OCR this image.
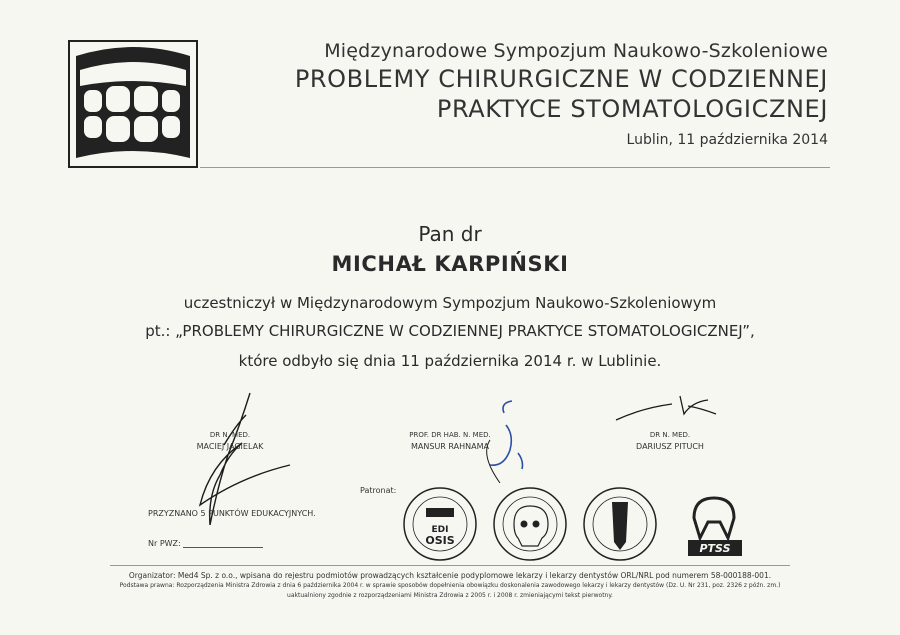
Międzynarodowe Sympozjum Naukowo-Szkoleniowe
PROBLEMY CHIRURGICZNE W CODZIENNEJ
PRAKTYCE STOMATOLOGICZNEJ
Lublin, 11 października 2014
Pan dr
MICHAŁ KARPIŃSKI
uczestniczył w Międzynarodowym Sympozjum Naukowo-Szkoleniowym
pt.: „PROBLEMY CHIRURGICZNE W CODZIENNEJ PRAKTYCE STOMATOLOGICZNEJ”,
które odbyło się dnia 11 października 2014 r. w Lublinie.
DR N. MED.
MACIEJ JAGIELAK
PROF. DR HAB. N. MED.
MANSUR RAHNAMA
DR N. MED.
DARIUSZ PITUCH
Patronat:
PRZYZNANO 5 PUNKTÓW EDUKACYJNYCH.
Nr PWZ:
EDI
OSIS
PTSS
Organizator: Med4 Sp. z o.o., wpisana do rejestru podmiotów prowadzących kształcenie podyplomowe lekarzy i lekarzy dentystów ORL/NRL pod numerem 58-000188-001.
Podstawa prawna: Rozporządzenia Ministra Zdrowia z dnia 6 października 2004 r. w sprawie sposobów dopełnienia obowiązku doskonalenia zawodowego lekarzy i lekarzy dentystów (Dz. U. Nr 231, poz. 2326 z późn. zm.)
uaktualniony zgodnie z rozporządzeniami Ministra Zdrowia z 2005 r. i 2008 r. zmieniającymi tekst pierwotny.
